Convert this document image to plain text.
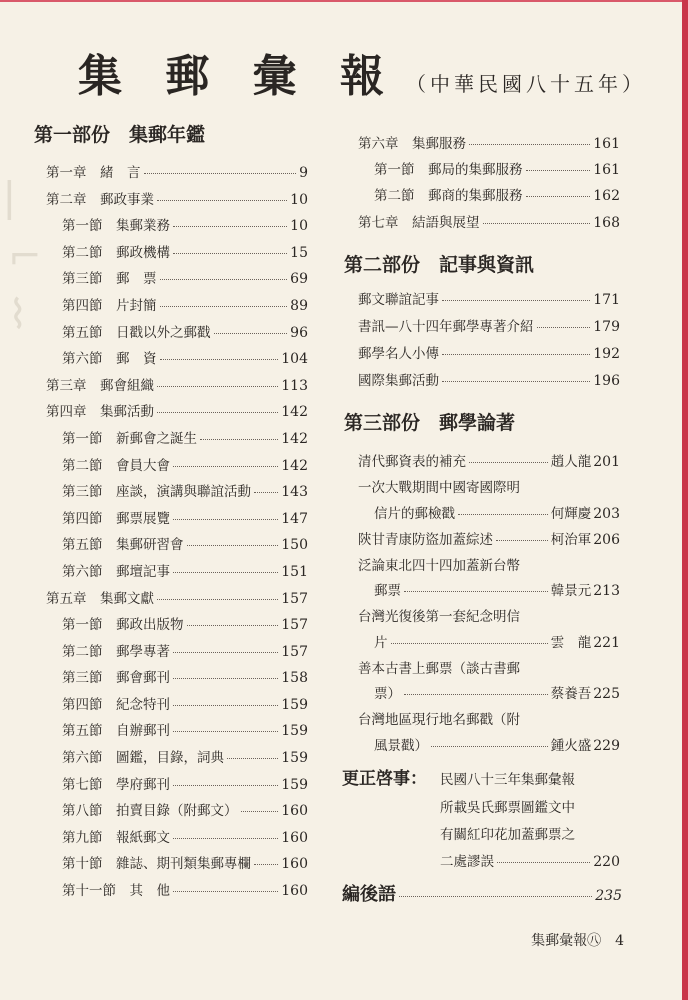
⎸
⌐
⌇
集 郵 彙 報 （中華民國八十五年）
第一部份　集郵年鑑
第一章　緒　言	9
第二章　郵政事業	10
第一節　集郵業務	10
第二節　郵政機構	15
第三節　郵　票	69
第四節　片封簡	89
第五節　日戳以外之郵戳	96
第六節　郵　資	104
第三章　郵會組織	113
第四章　集郵活動	142
第一節　新郵會之誕生	142
第二節　會員大會	142
第三節　座談，演講與聯誼活動 143
第四節　郵票展覽	147
第五節　集郵研習會	150
第六節　郵壇記事	151
第五章　集郵文獻	157
第一節　郵政出版物	157
第二節　郵學專著	157
第三節　郵會郵刊	158
第四節　紀念特刊	159
第五節　自辦郵刊	159
第六節　圖鑑，目錄，詞典	159
第七節　學府郵刊	159
第八節　拍賣目錄（附郵文）	160
第九節　報紙郵文	160
第十節　雜誌、期刊類集郵專欄 160
第十一節　其　他	160
第六章　集郵服務	161
第一節　郵局的集郵服務	161
第二節　郵商的集郵服務	162
第七章　結語與展望	168
第二部份　記事與資訊
郵文聯誼記事	171
書訊—八十四年郵學專著介紹	179
郵學名人小傳	192
國際集郵活動	196
第三部份　郵學論著
清代郵資表的補充	趙人龍 201
一次大戰期間中國寄國際明
信片的郵檢戳	何輝慶 203
陝甘青康防盜加蓋綜述	柯治軍 206
泛論東北四十四加蓋新台幣
郵票	韓景元 213
台灣光復後第一套紀念明信
片	雲　龍 221
善本古書上郵票（談古書郵
票）	蔡養吾 225
台灣地區現行地名郵戳（附
風景戳）	鍾火盛 229
更正啓事： 民國八十三年集郵彙報
所載吳氏郵票圖鑑文中
有關紅印花加蓋郵票之
二處謬誤	220
編後語	235
集郵彙報㊇ 4
